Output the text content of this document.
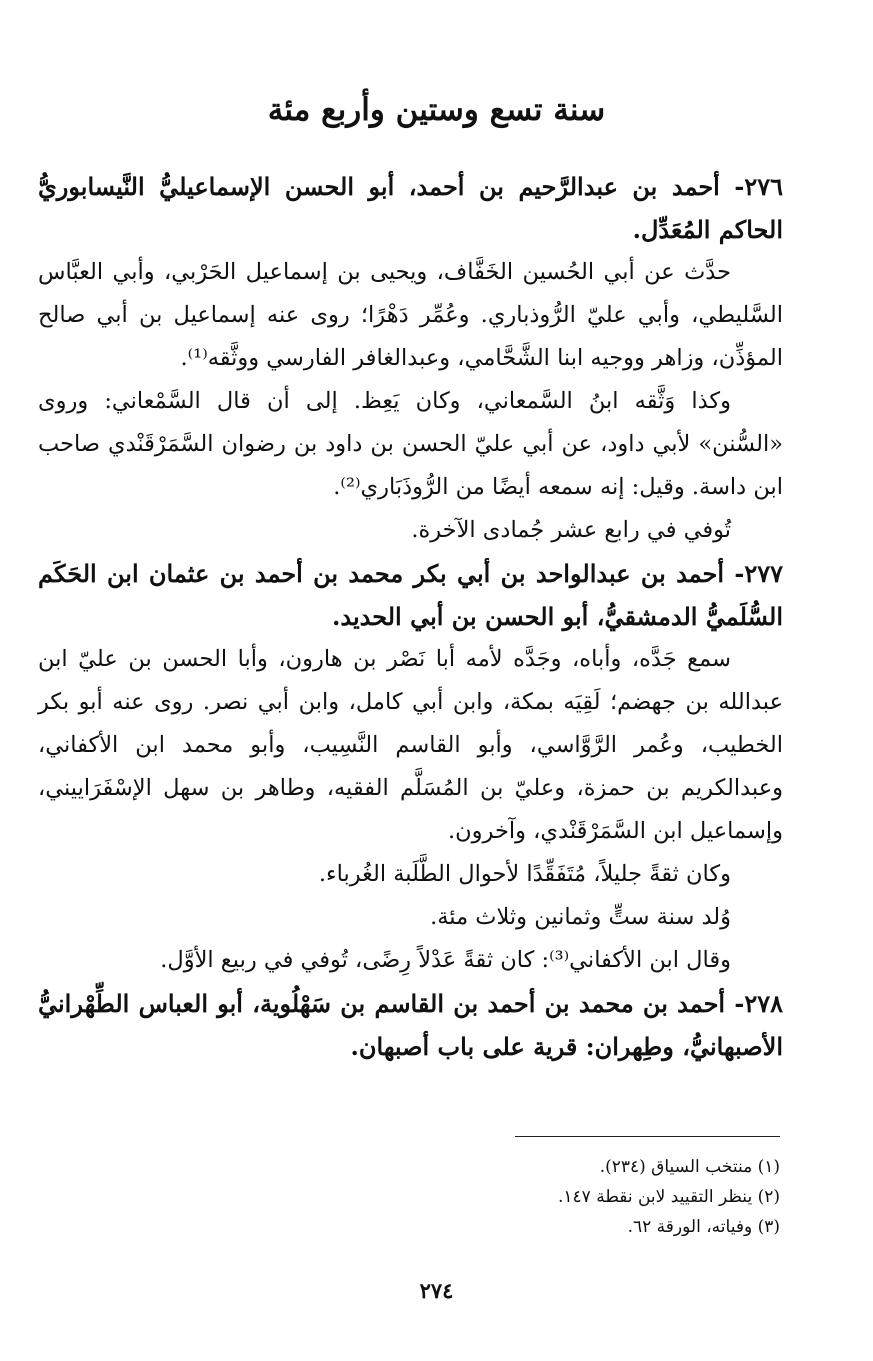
سنة تسع وستين وأربع مئة

٢٧٦- أحمد بن عبدالرَّحيم بن أحمد، أبو الحسن الإسماعيليُّ النَّيسابوريُّ الحاكم المُعَدِّل.

حدَّث عن أبي الحُسين الخَفَّاف، ويحيى بن إسماعيل الحَرْبي، وأبي العبَّاس السَّليطي، وأبي عليّ الرُّوذباري. وعُمِّر دَهْرًا؛ روى عنه إسماعيل بن أبي صالح المؤذِّن، وزاهر ووجيه ابنا الشَّحَّامي، وعبدالغافر الفارسي ووثَّقه⁽¹⁾.

وكذا وَثَّقه ابنُ السَّمعاني، وكان يَعِظ. إلى أن قال السَّمْعاني: وروى «السُّنن» لأبي داود، عن أبي عليّ الحسن بن داود بن رضوان السَّمَرْقَنْدي صاحب ابن داسة. وقيل: إنه سمعه أيضًا من الرُّوذَبَاري⁽²⁾.

تُوفي في رابع عشر جُمادى الآخرة.

٢٧٧- أحمد بن عبدالواحد بن أبي بكر محمد بن أحمد بن عثمان ابن الحَكَم السُّلَميُّ الدمشقيُّ، أبو الحسن بن أبي الحديد.

سمع جَدَّه، وأباه، وجَدَّه لأمه أبا نَصْر بن هارون، وأبا الحسن بن عليّ ابن عبدالله بن جهضم؛ لَقِيَه بمكة، وابن أبي كامل، وابن أبي نصر. روى عنه أبو بكر الخطيب، وعُمر الرَّوَّاسي، وأبو القاسم النَّسِيب، وأبو محمد ابن الأكفاني، وعبدالكريم بن حمزة، وعليّ بن المُسَلَّم الفقيه، وطاهر بن سهل الإسْفَرَاييني، وإسماعيل ابن السَّمَرْقَنْدي، وآخرون.

وكان ثقةً جليلاً، مُتَفَقِّدًا لأحوال الطَّلَبة الغُرباء.

وُلد سنة ستٍّ وثمانين وثلاث مئة.

وقال ابن الأكفاني⁽³⁾: كان ثقةً عَدْلاً رِضًى، تُوفي في ربيع الأوَّل.

٢٧٨- أحمد بن محمد بن أحمد بن القاسم بن سَهْلُوية، أبو العباس الطِّهْرانيُّ الأصبهانيُّ، وطِهران: قرية على باب أصبهان.

(١) منتخب السياق (٢٣٤).
(٢) ينظر التقييد لابن نقطة ١٤٧.
(٣) وفياته، الورقة ٦٢.
٢٧٤
